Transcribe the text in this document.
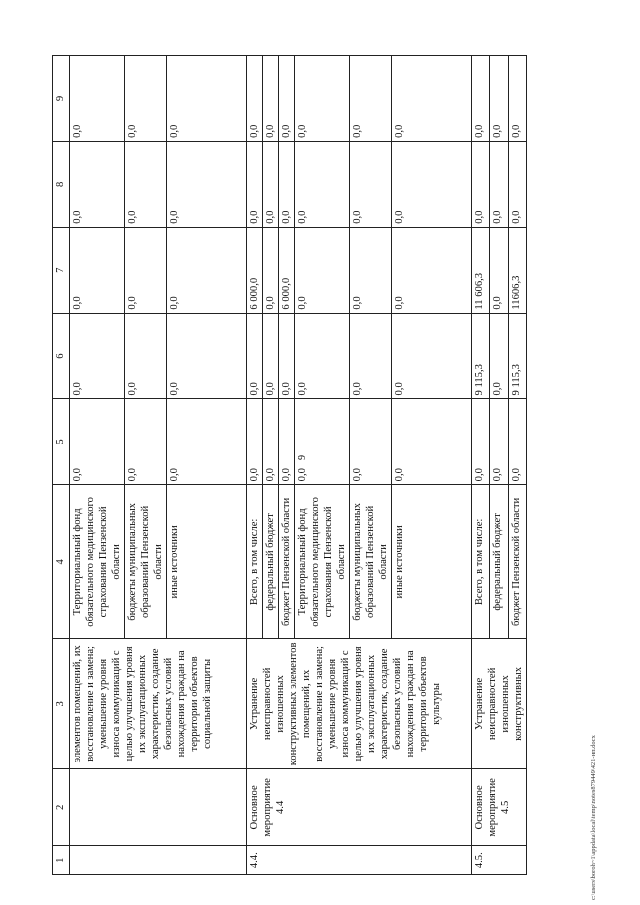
9
1	2	3	4	5	6	7	8	9
		элементов помещений, их восстановление и замена; уменьшение уровня износа коммуникаций с целью улучшения уровня их эксплуатационных характеристик, создание безопасных условий нахождения граждан на территории объектов социальной защиты	Территориальный фонд обязательного медицинского страхования Пензенской области	0,0	0,0	0,0	0,0	0,0
			бюджеты муниципальных образований Пензенской области	0,0	0,0	0,0	0,0	0,0
			иные источники	0,0	0,0	0,0	0,0	0,0
4.4.	Основное мероприятие 4.4	Устранение неисправностей изношенных конструктивных элементов помещений, их восстановление и замена; уменьшение уровня износа коммуникаций с целью улучшения уровня их эксплуатационных характеристик, создание безопасных условий нахождения граждан на территории объектов культуры	Всего, в том числе:	0,0	0,0	6 000,0	0,0	0,0
			федеральный бюджет	0,0	0,0	0,0	0,0	0,0
			бюджет Пензенской области	0,0	0,0	6 000,0	0,0	0,0
			Территориальный фонд обязательного медицинского страхования Пензенской области	0,0	0,0	0,0	0,0	0,0
			бюджеты муниципальных образований Пензенской области	0,0	0,0	0,0	0,0	0,0
			иные источники	0,0	0,0	0,0	0,0	0,0
4.5.	Основное мероприятие 4.5	Устранение неисправностей изношенных конструктивных	Всего, в том числе:	0,0	9 115,3	11 606,3	0,0	0,0
			федеральный бюджет	0,0	0,0	0,0	0,0	0,0
			бюджет Пензенской области	0,0	9 115,3	11606,3	0,0	0,0
c:\users\boroh~1\appdata\local\temp\notes879449\421-нп.docx
